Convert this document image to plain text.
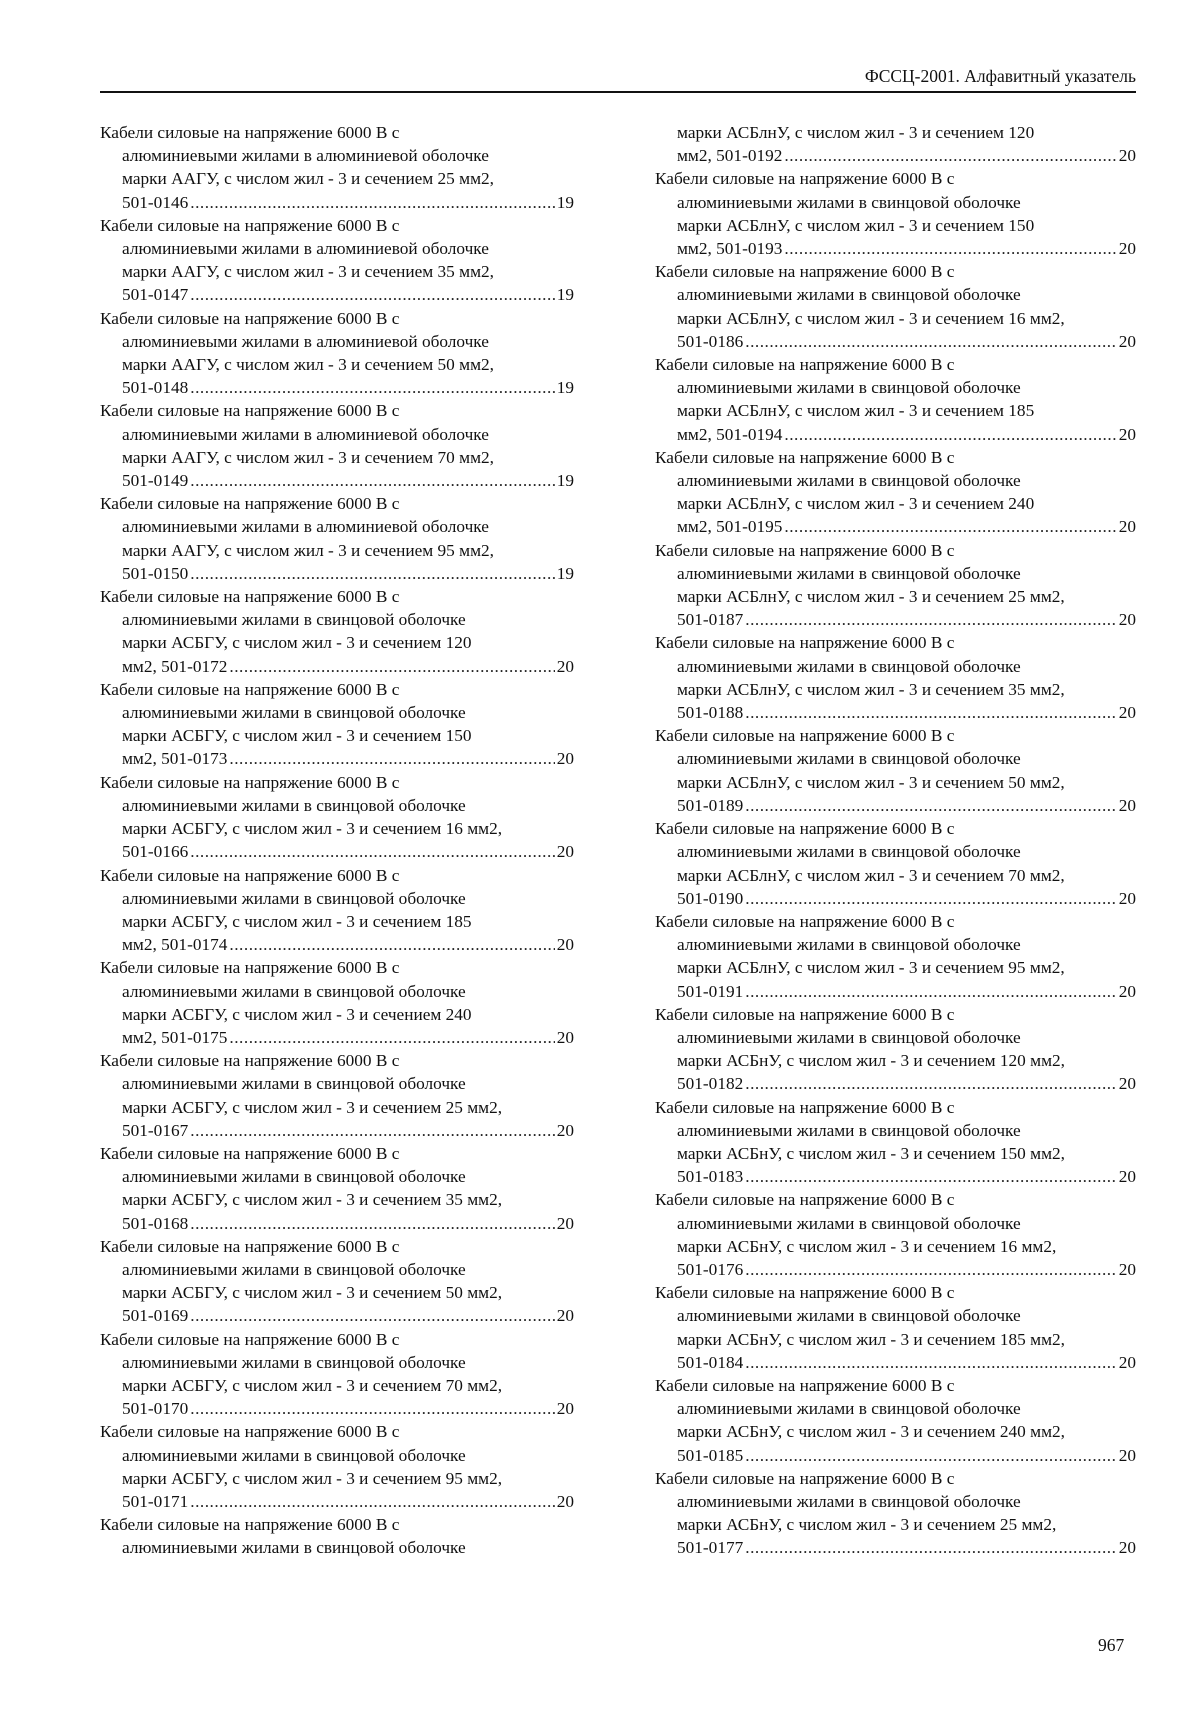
ФССЦ-2001. Алфавитный указатель
Кабели силовые на напряжение 6000 В с
алюминиевыми жилами в алюминиевой оболочке
марки ААГУ, с числом жил - 3 и сечением 25 мм2,
501-0146 .....	19
Кабели силовые на напряжение 6000 В с
алюминиевыми жилами в алюминиевой оболочке
марки ААГУ, с числом жил - 3 и сечением 35 мм2,
501-0147 .....	19
Кабели силовые на напряжение 6000 В с
алюминиевыми жилами в алюминиевой оболочке
марки ААГУ, с числом жил - 3 и сечением 50 мм2,
501-0148 .....	19
Кабели силовые на напряжение 6000 В с
алюминиевыми жилами в алюминиевой оболочке
марки ААГУ, с числом жил - 3 и сечением 70 мм2,
501-0149 .....	19
Кабели силовые на напряжение 6000 В с
алюминиевыми жилами в алюминиевой оболочке
марки ААГУ, с числом жил - 3 и сечением 95 мм2,
501-0150 .....	19
Кабели силовые на напряжение 6000 В с
алюминиевыми жилами в свинцовой оболочке
марки АСБГУ, с числом жил - 3 и сечением 120
мм2, 501-0172 .....	20
Кабели силовые на напряжение 6000 В с
алюминиевыми жилами в свинцовой оболочке
марки АСБГУ, с числом жил - 3 и сечением 150
мм2, 501-0173 .....	20
Кабели силовые на напряжение 6000 В с
алюминиевыми жилами в свинцовой оболочке
марки АСБГУ, с числом жил - 3 и сечением 16 мм2,
501-0166 .....	20
Кабели силовые на напряжение 6000 В с
алюминиевыми жилами в свинцовой оболочке
марки АСБГУ, с числом жил - 3 и сечением 185
мм2, 501-0174 .....	20
Кабели силовые на напряжение 6000 В с
алюминиевыми жилами в свинцовой оболочке
марки АСБГУ, с числом жил - 3 и сечением 240
мм2, 501-0175 .....	20
Кабели силовые на напряжение 6000 В с
алюминиевыми жилами в свинцовой оболочке
марки АСБГУ, с числом жил - 3 и сечением 25 мм2,
501-0167 .....	20
Кабели силовые на напряжение 6000 В с
алюминиевыми жилами в свинцовой оболочке
марки АСБГУ, с числом жил - 3 и сечением 35 мм2,
501-0168 .....	20
Кабели силовые на напряжение 6000 В с
алюминиевыми жилами в свинцовой оболочке
марки АСБГУ, с числом жил - 3 и сечением 50 мм2,
501-0169 .....	20
Кабели силовые на напряжение 6000 В с
алюминиевыми жилами в свинцовой оболочке
марки АСБГУ, с числом жил - 3 и сечением 70 мм2,
501-0170 .....	20
Кабели силовые на напряжение 6000 В с
алюминиевыми жилами в свинцовой оболочке
марки АСБГУ, с числом жил - 3 и сечением 95 мм2,
501-0171 .....	20
Кабели силовые на напряжение 6000 В с
алюминиевыми жилами в свинцовой оболочке
марки АСБлнУ, с числом жил - 3 и сечением 120
мм2, 501-0192 .....	20
Кабели силовые на напряжение 6000 В с
алюминиевыми жилами в свинцовой оболочке
марки АСБлнУ, с числом жил - 3 и сечением 150
мм2, 501-0193 .....	20
Кабели силовые на напряжение 6000 В с
алюминиевыми жилами в свинцовой оболочке
марки АСБлнУ, с числом жил - 3 и сечением 16 мм2,
501-0186 .....	20
Кабели силовые на напряжение 6000 В с
алюминиевыми жилами в свинцовой оболочке
марки АСБлнУ, с числом жил - 3 и сечением 185
мм2, 501-0194 .....	20
Кабели силовые на напряжение 6000 В с
алюминиевыми жилами в свинцовой оболочке
марки АСБлнУ, с числом жил - 3 и сечением 240
мм2, 501-0195 .....	20
Кабели силовые на напряжение 6000 В с
алюминиевыми жилами в свинцовой оболочке
марки АСБлнУ, с числом жил - 3 и сечением 25 мм2,
501-0187 .....	20
Кабели силовые на напряжение 6000 В с
алюминиевыми жилами в свинцовой оболочке
марки АСБлнУ, с числом жил - 3 и сечением 35 мм2,
501-0188 .....	20
Кабели силовые на напряжение 6000 В с
алюминиевыми жилами в свинцовой оболочке
марки АСБлнУ, с числом жил - 3 и сечением 50 мм2,
501-0189 .....	20
Кабели силовые на напряжение 6000 В с
алюминиевыми жилами в свинцовой оболочке
марки АСБлнУ, с числом жил - 3 и сечением 70 мм2,
501-0190 .....	20
Кабели силовые на напряжение 6000 В с
алюминиевыми жилами в свинцовой оболочке
марки АСБлнУ, с числом жил - 3 и сечением 95 мм2,
501-0191 .....	20
Кабели силовые на напряжение 6000 В с
алюминиевыми жилами в свинцовой оболочке
марки АСБнУ, с числом жил - 3 и сечением 120 мм2,
501-0182 .....	20
Кабели силовые на напряжение 6000 В с
алюминиевыми жилами в свинцовой оболочке
марки АСБнУ, с числом жил - 3 и сечением 150 мм2,
501-0183 .....	20
Кабели силовые на напряжение 6000 В с
алюминиевыми жилами в свинцовой оболочке
марки АСБнУ, с числом жил - 3 и сечением 16 мм2,
501-0176 .....	20
Кабели силовые на напряжение 6000 В с
алюминиевыми жилами в свинцовой оболочке
марки АСБнУ, с числом жил - 3 и сечением 185 мм2,
501-0184 .....	20
Кабели силовые на напряжение 6000 В с
алюминиевыми жилами в свинцовой оболочке
марки АСБнУ, с числом жил - 3 и сечением 240 мм2,
501-0185 .....	20
Кабели силовые на напряжение 6000 В с
алюминиевыми жилами в свинцовой оболочке
марки АСБнУ, с числом жил - 3 и сечением 25 мм2,
501-0177 .....	20
967
